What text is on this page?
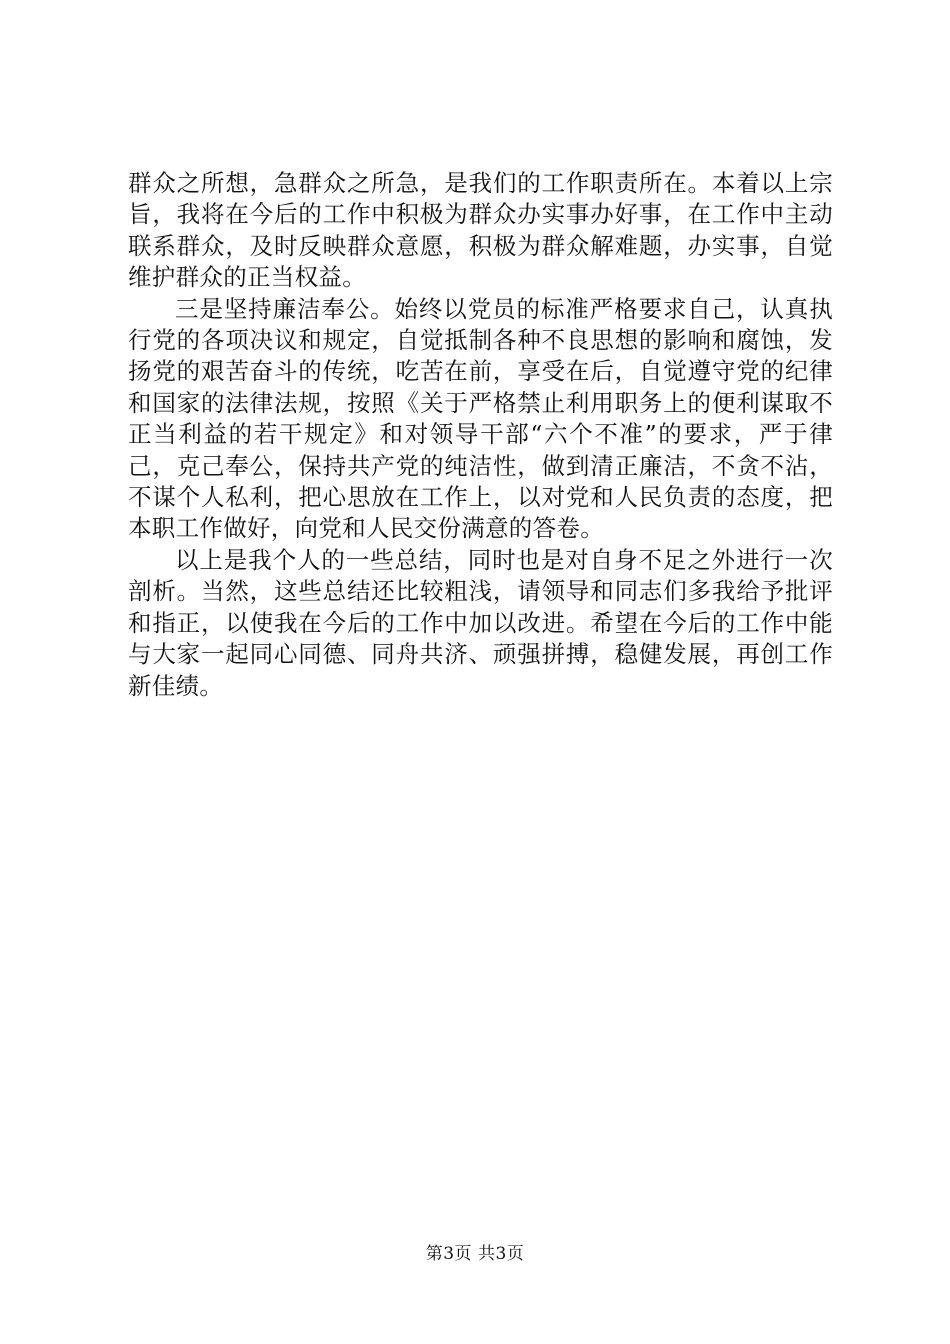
群众之所想，急群众之所急，是我们的工作职责所在。本着以上宗旨，我将在今后的工作中积极为群众办实事办好事，在工作中主动联系群众，及时反映群众意愿，积极为群众解难题，办实事，自觉维护群众的正当权益。

三是坚持廉洁奉公。始终以党员的标准严格要求自己，认真执行党的各项决议和规定，自觉抵制各种不良思想的影响和腐蚀，发扬党的艰苦奋斗的传统，吃苦在前，享受在后，自觉遵守党的纪律和国家的法律法规，按照《关于严格禁止利用职务上的便利谋取不正当利益的若干规定》和对领导干部“六个不准”的要求，严于律己，克己奉公，保持共产党的纯洁性，做到清正廉洁，不贪不沾，不谋个人私利，把心思放在工作上，以对党和人民负责的态度，把本职工作做好，向党和人民交份满意的答卷。

以上是我个人的一些总结，同时也是对自身不足之外进行一次剖析。当然，这些总结还比较粗浅，请领导和同志们多我给予批评和指正，以使我在今后的工作中加以改进。希望在今后的工作中能与大家一起同心同德、同舟共济、顽强拼搏，稳健发展，再创工作新佳绩。

第3页 共3页
